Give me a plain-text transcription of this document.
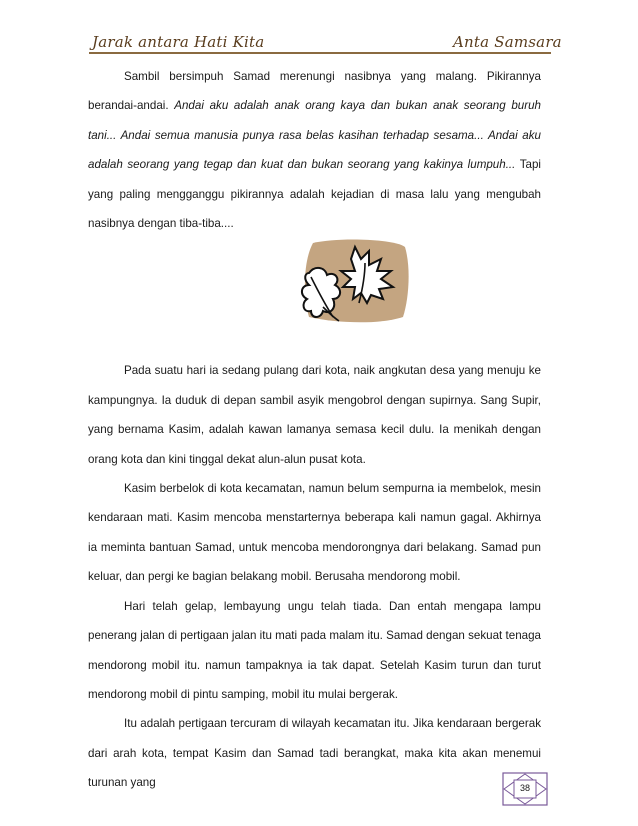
Jarak antara Hati Kita	Anta Samsara

Sambil bersimpuh Samad merenungi nasibnya yang malang. Pikirannya berandai-andai. Andai aku adalah anak orang kaya dan bukan anak seorang buruh tani... Andai semua manusia punya rasa belas kasihan terhadap sesama... Andai aku adalah seorang yang tegap dan kuat dan bukan seorang yang kakinya lumpuh... Tapi yang paling mengganggu pikirannya adalah kejadian di masa lalu yang mengubah nasibnya dengan tiba-tiba....

Pada suatu hari ia sedang pulang dari kota, naik angkutan desa yang menuju ke kampungnya. Ia duduk di depan sambil asyik mengobrol dengan supirnya. Sang Supir, yang bernama Kasim, adalah kawan lamanya semasa kecil dulu. Ia menikah dengan orang kota dan kini tinggal dekat alun-alun pusat kota.

Kasim berbelok di kota kecamatan, namun belum sempurna ia membelok, mesin kendaraan mati. Kasim mencoba menstarternya beberapa kali namun gagal. Akhirnya ia meminta bantuan Samad, untuk mencoba mendorongnya dari belakang. Samad pun keluar, dan pergi ke bagian belakang mobil. Berusaha mendorong mobil.

Hari telah gelap, lembayung ungu telah tiada. Dan entah mengapa lampu penerang jalan di pertigaan jalan itu mati pada malam itu. Samad dengan sekuat tenaga mendorong mobil itu. namun tampaknya ia tak dapat. Setelah Kasim turun dan turut mendorong mobil di pintu samping, mobil itu mulai bergerak.

Itu adalah pertigaan tercuram di wilayah kecamatan itu. Jika kendaraan bergerak dari arah kota, tempat Kasim dan Samad tadi berangkat, maka kita akan menemui turunan yang	38
